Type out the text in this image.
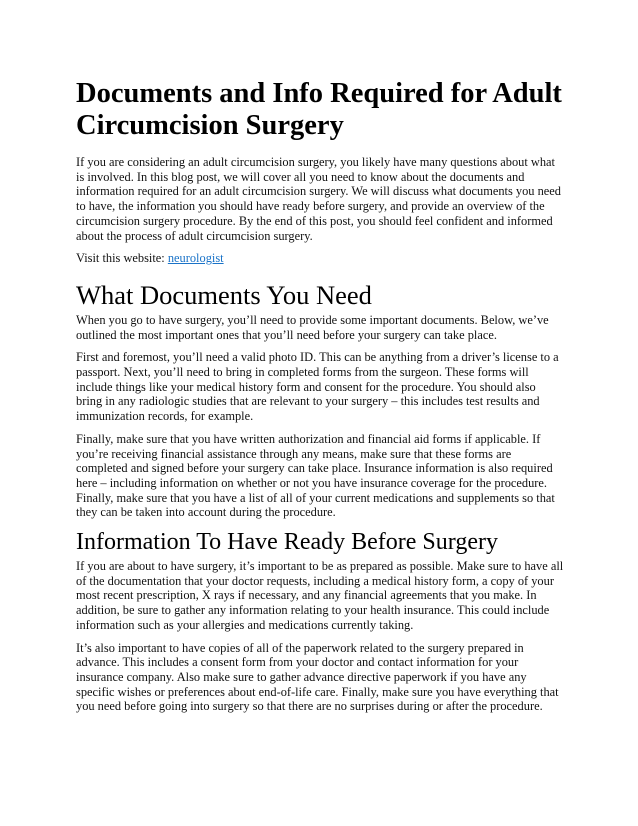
Documents and Info Required for Adult Circumcision Surgery

If you are considering an adult circumcision surgery, you likely have many questions about what is involved. In this blog post, we will cover all you need to know about the documents and information required for an adult circumcision surgery. We will discuss what documents you need to have, the information you should have ready before surgery, and provide an overview of the circumcision surgery procedure. By the end of this post, you should feel confident and informed about the process of adult circumcision surgery.

Visit this website: neurologist

What Documents You Need

When you go to have surgery, you’ll need to provide some important documents. Below, we’ve outlined the most important ones that you’ll need before your surgery can take place.

First and foremost, you’ll need a valid photo ID. This can be anything from a driver’s license to a passport. Next, you’ll need to bring in completed forms from the surgeon. These forms will include things like your medical history form and consent for the procedure. You should also bring in any radiologic studies that are relevant to your surgery – this includes test results and immunization records, for example.

Finally, make sure that you have written authorization and financial aid forms if applicable. If you’re receiving financial assistance through any means, make sure that these forms are completed and signed before your surgery can take place. Insurance information is also required here – including information on whether or not you have insurance coverage for the procedure. Finally, make sure that you have a list of all of your current medications and supplements so that they can be taken into account during the procedure.

Information To Have Ready Before Surgery

If you are about to have surgery, it’s important to be as prepared as possible. Make sure to have all of the documentation that your doctor requests, including a medical history form, a copy of your most recent prescription, X rays if necessary, and any financial agreements that you make. In addition, be sure to gather any information relating to your health insurance. This could include information such as your allergies and medications currently taking.

It’s also important to have copies of all of the paperwork related to the surgery prepared in advance. This includes a consent form from your doctor and contact information for your insurance company. Also make sure to gather advance directive paperwork if you have any specific wishes or preferences about end-of-life care. Finally, make sure you have everything that you need before going into surgery so that there are no surprises during or after the procedure.
